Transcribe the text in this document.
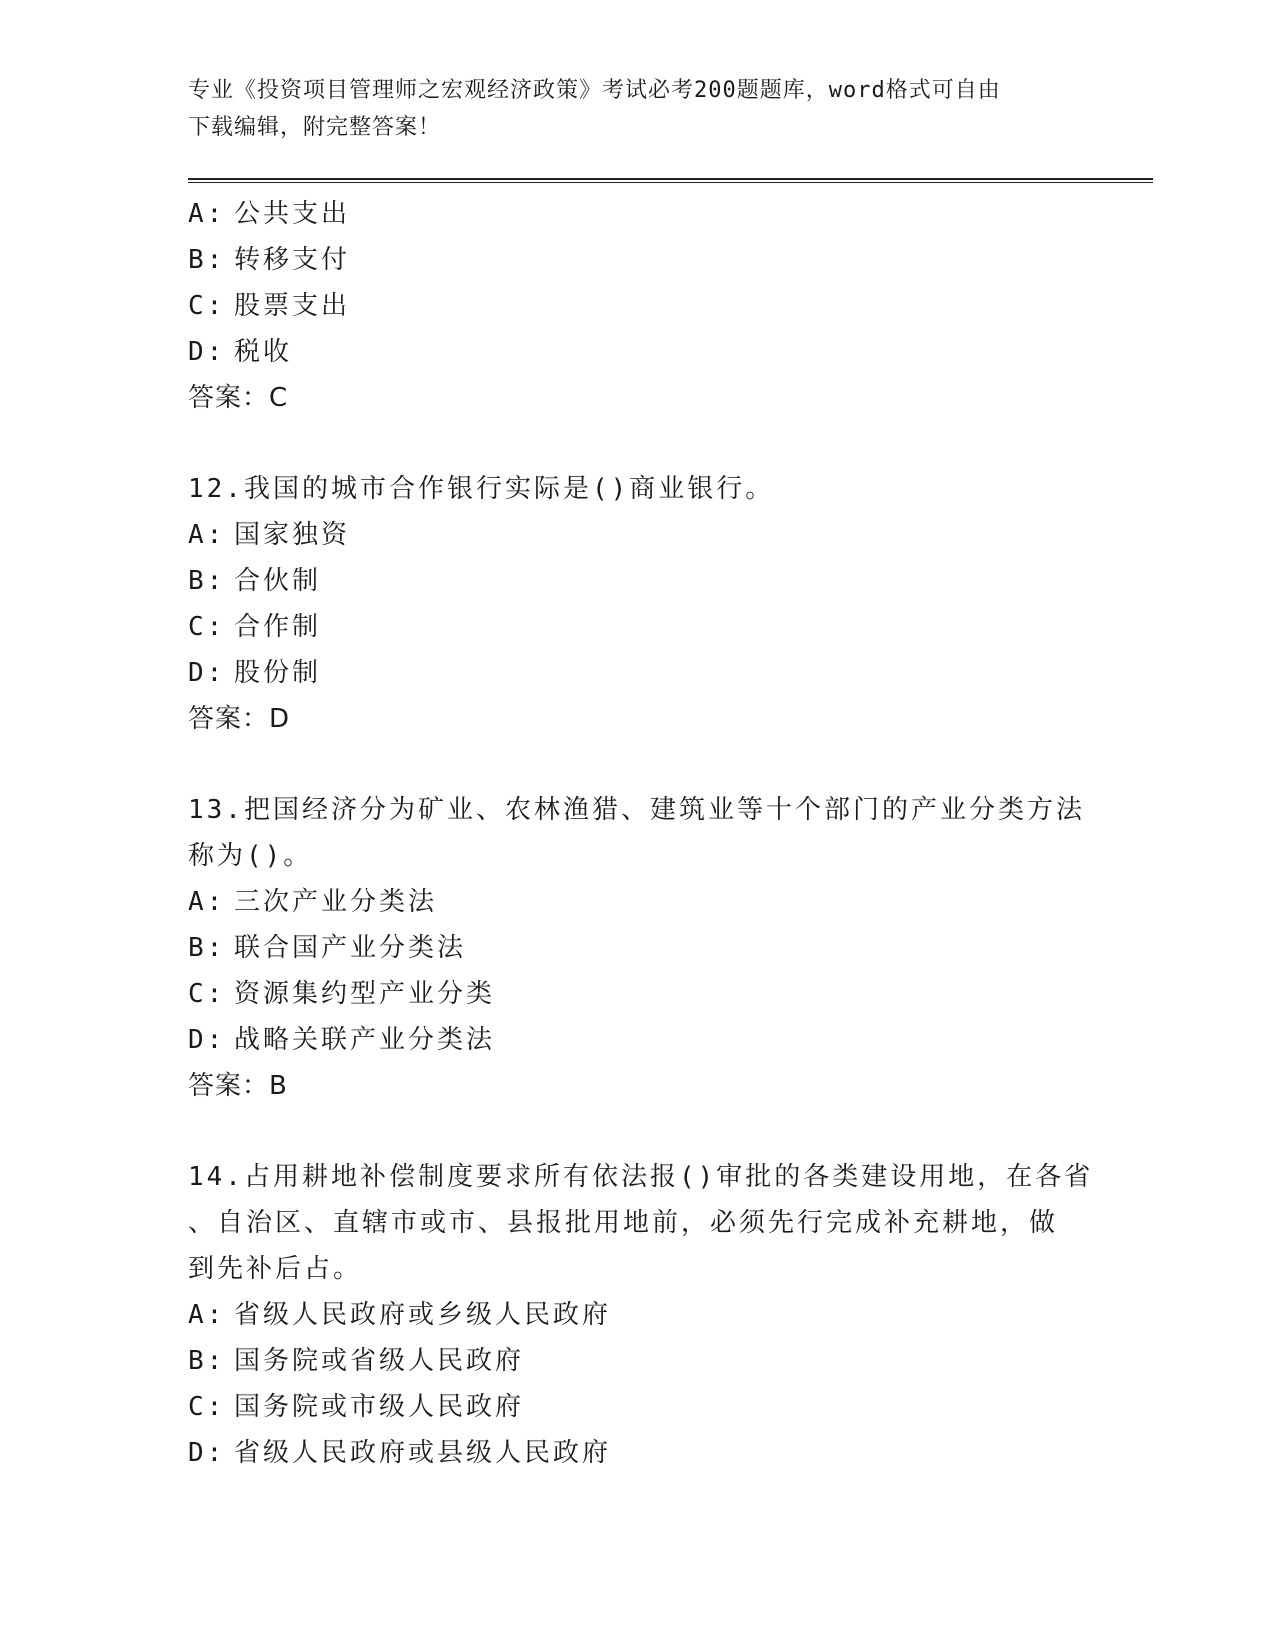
专业《投资项目管理师之宏观经济政策》考试必考200题题库，word格式可自由
下载编辑，附完整答案！
A: 公共支出
B: 转移支付
C: 股票支出
D: 税收
答案：C
12.我国的城市合作银行实际是()商业银行。
A: 国家独资
B: 合伙制
C: 合作制
D: 股份制
答案：D
13.把国经济分为矿业、农林渔猎、建筑业等十个部门的产业分类方法
称为()。
A: 三次产业分类法
B: 联合国产业分类法
C: 资源集约型产业分类
D: 战略关联产业分类法
答案：B
14.占用耕地补偿制度要求所有依法报()审批的各类建设用地，在各省
、自治区、直辖市或市、县报批用地前，必须先行完成补充耕地，做
到先补后占。
A: 省级人民政府或乡级人民政府
B: 国务院或省级人民政府
C: 国务院或市级人民政府
D: 省级人民政府或县级人民政府
